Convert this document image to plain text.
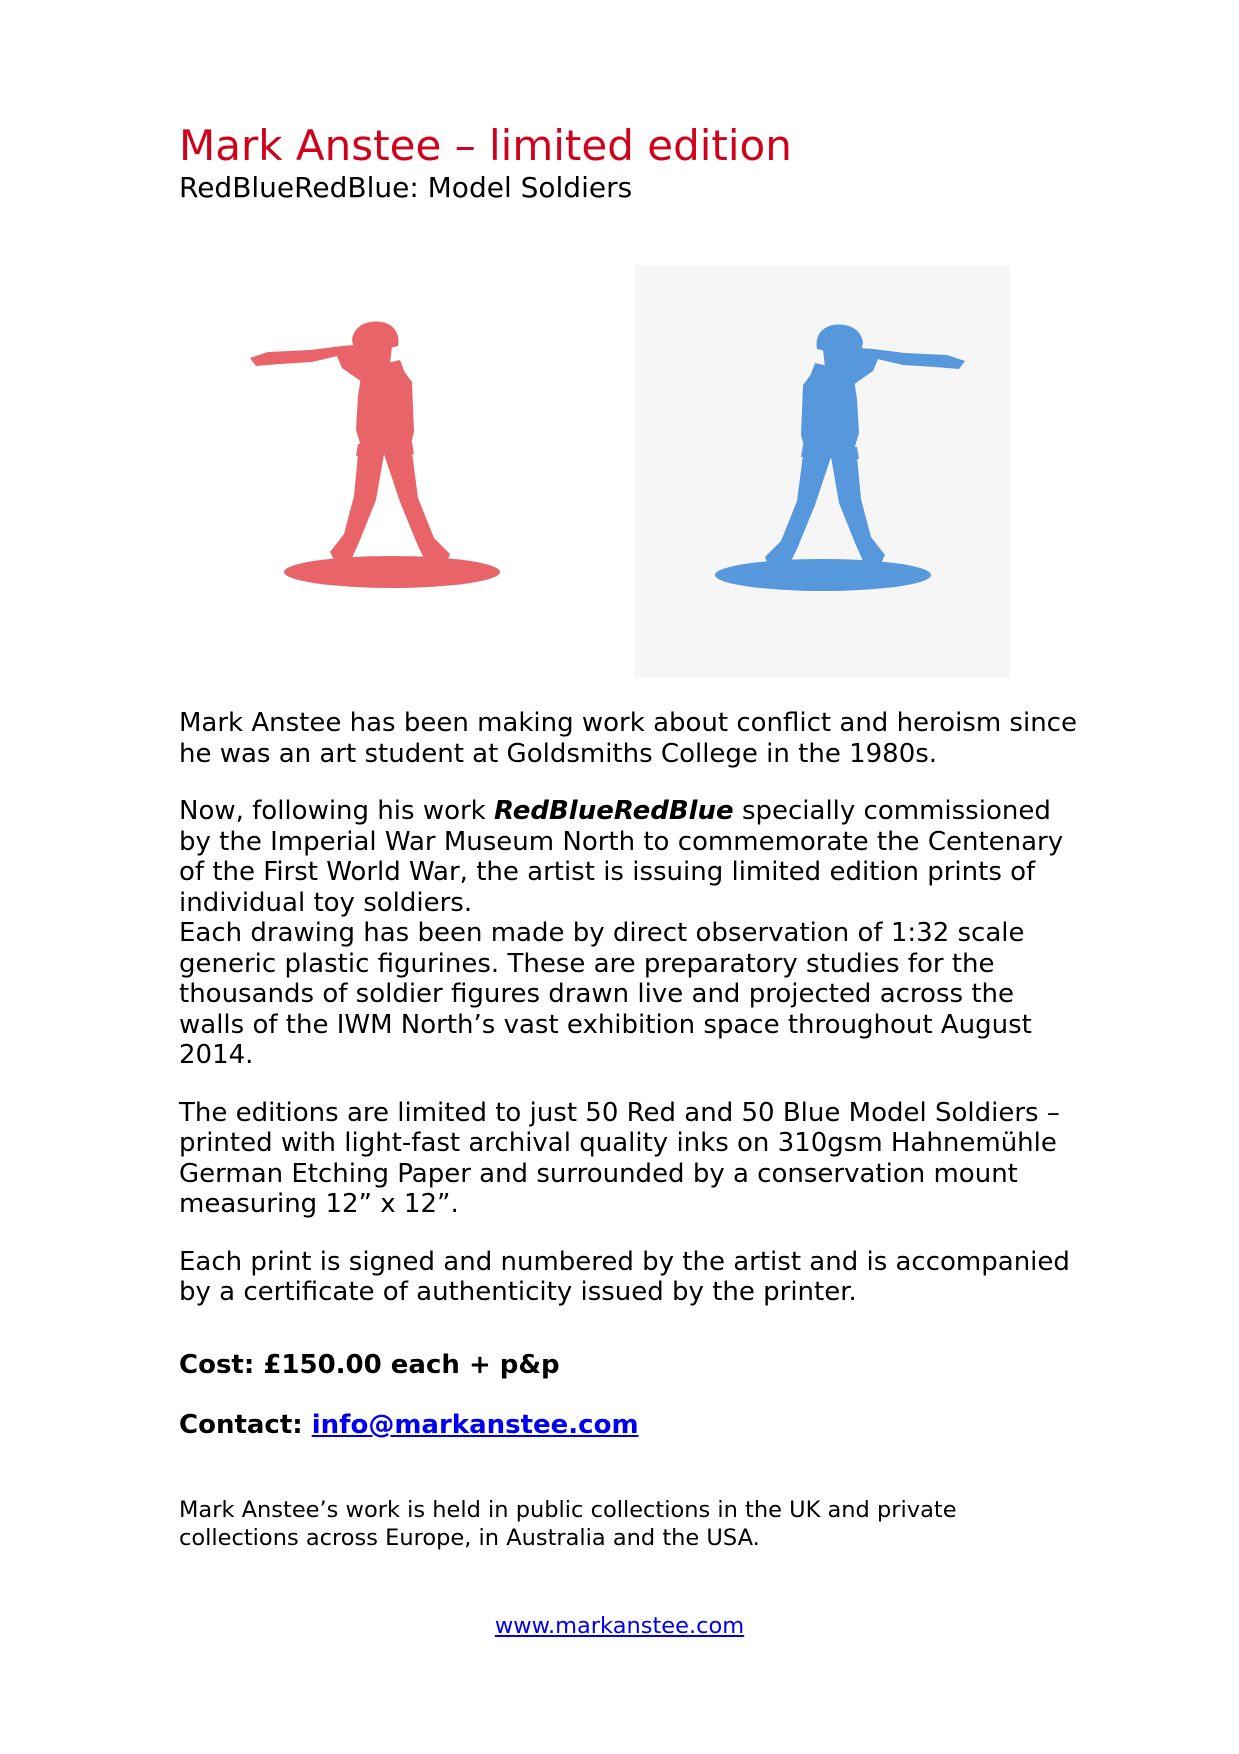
Mark Anstee – limited edition
RedBlueRedBlue: Model Soldiers

Mark Anstee has been making work about conflict and heroism since he was an art student at Goldsmiths College in the 1980s.

Now, following his work RedBlueRedBlue specially commissioned by the Imperial War Museum North to commemorate the Centenary of the First World War, the artist is issuing limited edition prints of individual toy soldiers.

Each drawing has been made by direct observation of 1:32 scale generic plastic figurines. These are preparatory studies for the thousands of soldier figures drawn live and projected across the walls of the IWM North’s vast exhibition space throughout August 2014.

The editions are limited to just 50 Red and 50 Blue Model Soldiers – printed with light-fast archival quality inks on 310gsm Hahnemühle German Etching Paper and surrounded by a conservation mount measuring 12” x 12”.

Each print is signed and numbered by the artist and is accompanied by a certificate of authenticity issued by the printer.

Cost: £150.00 each + p&p
Contact: info@markanstee.com
Mark Anstee’s work is held in public collections in the UK and private collections across Europe, in Australia and the USA.
www.markanstee.com
